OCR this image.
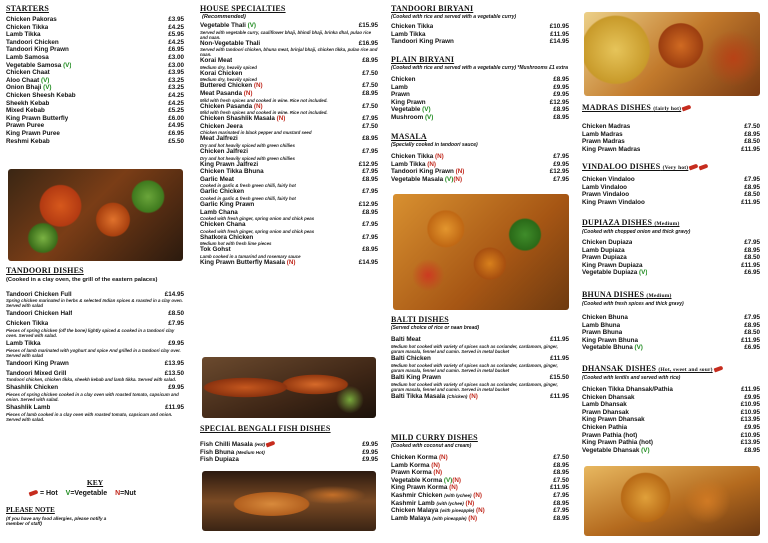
STARTERS
Chicken Pakoras	£3.95
Chicken Tikka	£4.25
Lamb Tikka	£5.95
Tandoori Chicken	£4.25
Tandoori King Prawn	£6.95
Lamb Samosa	£3.00
Vegetable Samosa (V)	£3.00
Chicken Chaat	£3.95
Aloo Chaat (V)	£3.25
Onion Bhaji (V)	£3.25
Chicken Sheesh Kebab	£4.25
Sheekh Kebab	£4.25
Mixed Kebab	£5.25
King Prawn Butterfly	£6.00
Prawn Puree	£4.95
King Prawn Puree	£6.95
Reshmi Kebab	£5.50
TANDOORI DISHES
(Cooked in a clay oven, the grill of the eastern palaces)
Tandoori Chicken Full	£14.95
Spring chicken marinated in herbs & selected Indian spices & roasted in a clay oven. Served with salad
Tandoori Chicken Half	£8.50
Chicken Tikka	£7.95
Pieces of spring chicken (off the bone) lightly spiced & cooked in a tandoori clay oven. Served with salad.
Lamb Tikka	£9.95
Pieces of lamb marinated with yoghurt and spice And grilled in a tandoori clay over. Served with salad
Tandoori King Prawn	£13.95
Tandoori Mixed Grill	£13.50
Tandoori chicken, chicken tikka, sheekh kebab and lamb tikka. Served with salad.
Shashlik Chicken	£9.95
Pieces of spring chicken cooked in a clay oven with roasted tomato, capsicum and onion. Served with salad.
Shashlik Lamb	£11.95
Pieces of lamb cooked in a clay oven with roasted tomato, capsicum and onion. Served with salad.
KEY
= Hot V=Vegetable N=Nut
PLEASE NOTE
(If you have any food allergies, please notify a member of staff)
HOUSE SPECIALTIES
(Recommended)
Vegetable Thali (V)	£15.95
Served with vegetable curry, cauliflower bhaji, bhindi bhaji, brinka dhal, pulao rice and naan.
Non-Vegetable Thali	£16.95
Served with tandoori chicken, bhuna meat, brinjal bhaji, chicken tikka, pulao rice and naan.
Korai Meat	£8.95
Medium dry, heavily spiced
Korai Chicken	£7.50
Medium dry, heavily spiced
Buttered Chicken (N)	£7.50
Meat Pasanda (N)	£8.95
Mild with fresh spices and cooked in wine. Rice not included.
Chicken Pasanda (N)	£7.50
Mild with fresh spices and cooked in wine. Rice not included.
Chicken Shashlik Masala (N)	£7.95
Chicken Jeera	£7.50
Chicken marinated in black pepper and mustard seed
Meat Jalfrezi	£8.95
Dry and hot heavily spiced with green chillies
Chicken Jalfrezi	£7.95
Dry and hot heavily spiced with green chillies
King Prawn Jalfrezi	£12.95
Chicken Tikka Bhuna	£7.95
Garlic Meat	£8.95
Cooked in garlic & fresh green chilli, fairly hot
Garlic Chicken	£7.95
Cooked in garlic & fresh green chilli, fairly hot
Garlic King Prawn	£12.95
Lamb Chana	£8.95
Cooked with fresh ginger, spring onion and chick peas
Chicken Chana	£7.95
Cooked with fresh ginger, spring onion and chick peas
Shatkora Chicken	£7.95
Medium hot with fresh lime pieces
Tok Gohst	£8.95
Lamb cooked in a tamarind and rosemary sauce
King Prawn Butterfly Masala (N)	£14.95
SPECIAL BENGALI FISH DISHES
Fish Chilli Masala (Hot)	£9.95
Fish Bhuna (Medium Hot)	£9.95
Fish Dupiaza	£9.95
TANDOORI BIRYANI
(Cooked with rice and served with a vegetable curry)
Chicken Tikka	£10.95
Lamb Tikka	£11.95
Tandoori King Prawn	£14.95
PLAIN BIRYANI
(Cooked with rice and served with a vegetable curry) *Mushrooms £1 extra
Chicken	£8.95
Lamb	£9.95
Prawn	£9.95
King Prawn	£12.95
Vegetable (V)	£8.95
Mushroom (V)	£8.95
MASALA
(Specially cooked in tandoori sauce)
Chicken Tikka (N)	£7.95
Lamb Tikka (N)	£9.95
Tandoori King Prawn (N)	£12.95
Vegetable Masala (V)(N)	£7.95
BALTI DISHES
(Served choice of rice or naan bread)
Balti Meat	£11.95
Medium hot cooked with variety of spices such as coriander, cardamom, ginger, garam masala, fennel and cumin. Served in metal bucket
Balti Chicken	£11.95
Medium hot cooked with variety of spices such as coriander, cardamom, ginger, garam masala, fennel and cumin. Served in metal bucket
Balti King Prawn	£15.50
Medium hot cooked with variety of spices such as coriander, cardamom, ginger, garam masala, fennel and cumin. Served in metal bucket
Balti Tikka Masala (Chicken) (N)	£11.95
MILD CURRY DISHES
(Cooked with coconut and cream)
Chicken Korma (N)	£7.50
Lamb Korma (N)	£8.95
Prawn Korma (N)	£8.95
Vegetable Korma (V)(N)	£7.50
King Prawn Korma (N)	£11.95
Kashmir Chicken (with lychee) (N)	£7.95
Kashmir Lamb (with lychee) (N)	£8.95
Chicken Malaya (with pineapple) (N)	£7.95
Lamb Malaya (with pineapple) (N)	£8.95
MADRAS DISHES (fairly hot)
Chicken Madras	£7.50
Lamb Madras	£8.95
Prawn Madras	£8.50
King Prawn Madras	£11.95
VINDALOO DISHES (Very hot)
Chicken Vindaloo	£7.95
Lamb Vindaloo	£8.95
Prawn Vindaloo	£8.50
King Prawn Vindaloo	£11.95
DUPIAZA DISHES (Medium)
(Cooked with chopped onion and thick gravy)
Chicken Dupiaza	£7.95
Lamb Dupiaza	£8.95
Prawn Dupiaza	£8.50
King Prawn Dupiaza	£11.95
Vegetable Dupiaza (V)	£6.95
BHUNA DISHES (Medium)
(Cooked with fresh spices and thick gravy)
Chicken Bhuna	£7.95
Lamb Bhuna	£8.95
Prawn Bhuna	£8.50
King Prawn Bhuna	£11.95
Vegetable Bhuna (V)	£6.95
DHANSAK DISHES (Hot, sweet and sour)
(Cooked with lentils and served with rice)
Chicken Tikka Dhansak/Pathia	£11.95
Chicken Dhansak	£9.95
Lamb Dhansak	£10.95
Prawn Dhansak	£10.95
King Prawn Dhansak	£13.95
Chicken Pathia	£9.95
Prawn Pathia (hot)	£10.95
King Prawn Pathia (hot)	£13.95
Vegetable Dhansak (V)	£8.95
